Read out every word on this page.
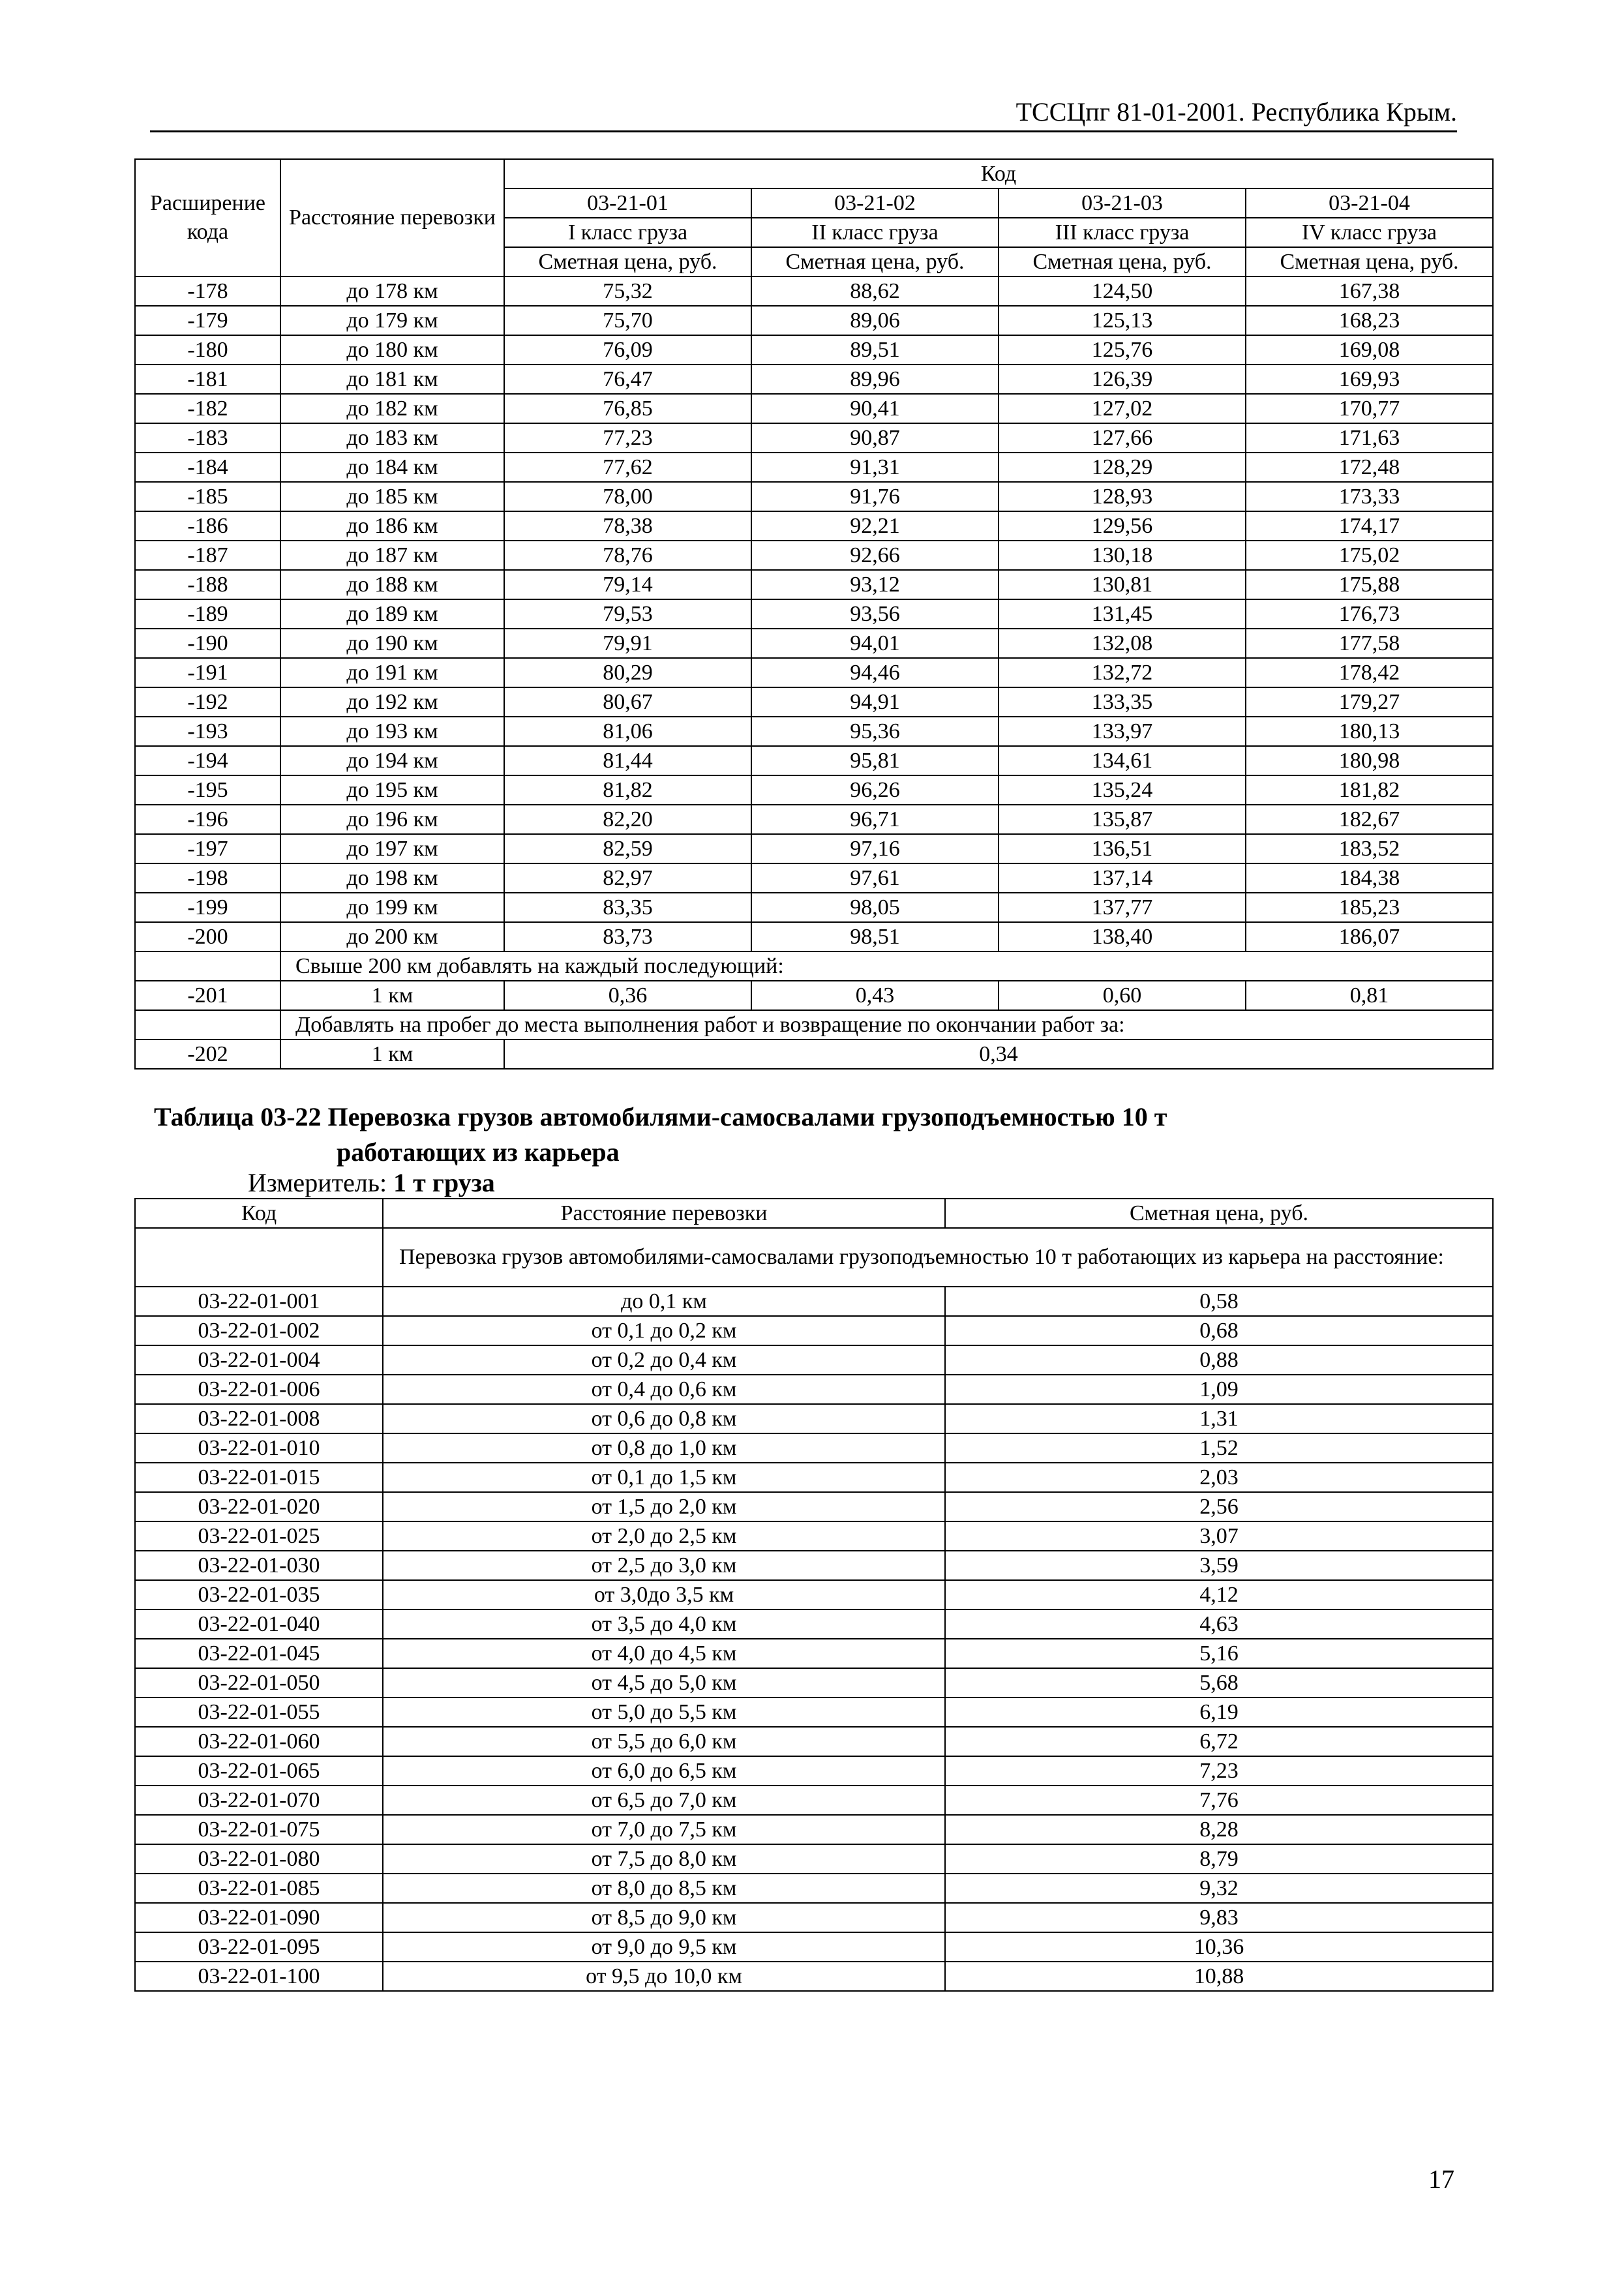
ТССЦпг 81-01-2001. Республика Крым.
Расширение кода	Расстояние перевозки	Код			
		03-21-01	03-21-02	03-21-03	03-21-04
		I класс груза	II класс груза	III класс груза	IV класс груза
		Сметная цена, руб.	Сметная цена, руб.	Сметная цена, руб.	Сметная цена, руб.
-178	до 178 км	75,32	88,62	124,50	167,38
-179	до 179 км	75,70	89,06	125,13	168,23
-180	до 180 км	76,09	89,51	125,76	169,08
-181	до 181 км	76,47	89,96	126,39	169,93
-182	до 182 км	76,85	90,41	127,02	170,77
-183	до 183 км	77,23	90,87	127,66	171,63
-184	до 184 км	77,62	91,31	128,29	172,48
-185	до 185 км	78,00	91,76	128,93	173,33
-186	до 186 км	78,38	92,21	129,56	174,17
-187	до 187 км	78,76	92,66	130,18	175,02
-188	до 188 км	79,14	93,12	130,81	175,88
-189	до 189 км	79,53	93,56	131,45	176,73
-190	до 190 км	79,91	94,01	132,08	177,58
-191	до 191 км	80,29	94,46	132,72	178,42
-192	до 192 км	80,67	94,91	133,35	179,27
-193	до 193 км	81,06	95,36	133,97	180,13
-194	до 194 км	81,44	95,81	134,61	180,98
-195	до 195 км	81,82	96,26	135,24	181,82
-196	до 196 км	82,20	96,71	135,87	182,67
-197	до 197 км	82,59	97,16	136,51	183,52
-198	до 198 км	82,97	97,61	137,14	184,38
-199	до 199 км	83,35	98,05	137,77	185,23
-200	до 200 км	83,73	98,51	138,40	186,07
	Свыше 200 км добавлять на каждый последующий:				
-201	1 км	0,36	0,43	0,60	0,81
	Добавлять на пробег до места выполнения работ и возвращение по окончании работ за:				
-202	1 км	0,34			
Таблица 03-22 Перевозка грузов автомобилями-самосвалами грузоподъемностью 10 т
работающих из карьера
Измеритель: 1 т груза
Код	Расстояние перевозки	Сметная цена, руб.
	Перевозка грузов автомобилями-самосвалами грузоподъемностью 10 т работающих из карьера на расстояние:	
03-22-01-001	до 0,1 км	0,58
03-22-01-002	от 0,1 до 0,2 км	0,68
03-22-01-004	от 0,2 до 0,4 км	0,88
03-22-01-006	от 0,4 до 0,6 км	1,09
03-22-01-008	от 0,6 до 0,8 км	1,31
03-22-01-010	от 0,8 до 1,0 км	1,52
03-22-01-015	от 0,1 до 1,5 км	2,03
03-22-01-020	от 1,5 до 2,0 км	2,56
03-22-01-025	от 2,0 до 2,5 км	3,07
03-22-01-030	от 2,5 до 3,0 км	3,59
03-22-01-035	от 3,0до 3,5 км	4,12
03-22-01-040	от 3,5 до 4,0 км	4,63
03-22-01-045	от 4,0 до 4,5 км	5,16
03-22-01-050	от 4,5 до 5,0 км	5,68
03-22-01-055	от 5,0 до 5,5 км	6,19
03-22-01-060	от 5,5 до 6,0 км	6,72
03-22-01-065	от 6,0 до 6,5 км	7,23
03-22-01-070	от 6,5 до 7,0 км	7,76
03-22-01-075	от 7,0 до 7,5 км	8,28
03-22-01-080	от 7,5 до 8,0 км	8,79
03-22-01-085	от 8,0 до 8,5 км	9,32
03-22-01-090	от 8,5 до 9,0 км	9,83
03-22-01-095	от 9,0 до 9,5 км	10,36
03-22-01-100	от 9,5 до 10,0 км	10,88
17
